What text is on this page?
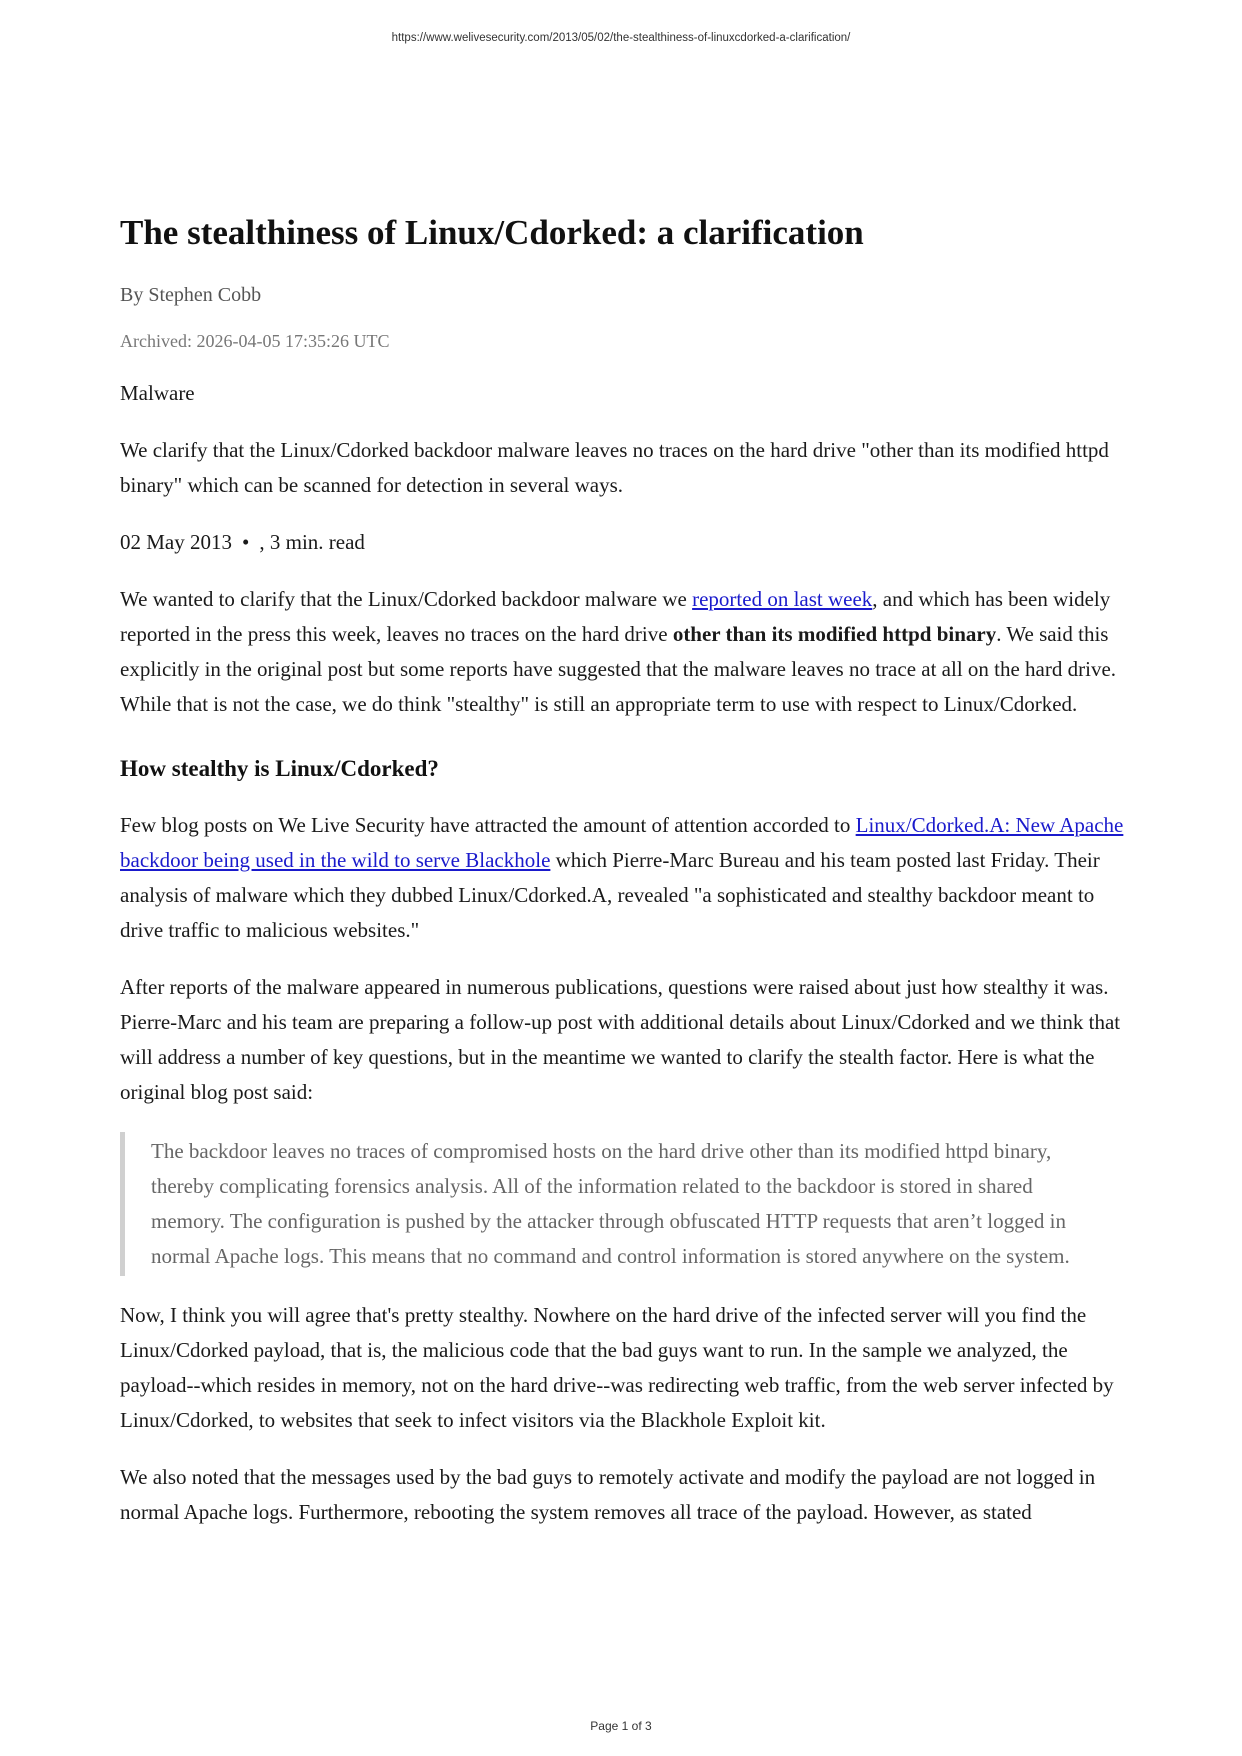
https://www.welivesecurity.com/2013/05/02/the-stealthiness-of-linuxcdorked-a-clarification/
The stealthiness of Linux/Cdorked: a clarification
By Stephen Cobb
Archived: 2026-04-05 17:35:26 UTC

Malware

We clarify that the Linux/Cdorked backdoor malware leaves no traces on the hard drive "other than its modified httpd binary" which can be scanned for detection in several ways.

02 May 2013 • , 3 min. read

We wanted to clarify that the Linux/Cdorked backdoor malware we reported on last week, and which has been widely reported in the press this week, leaves no traces on the hard drive other than its modified httpd binary. We said this explicitly in the original post but some reports have suggested that the malware leaves no trace at all on the hard drive. While that is not the case, we do think "stealthy" is still an appropriate term to use with respect to Linux/Cdorked.

How stealthy is Linux/Cdorked?

Few blog posts on We Live Security have attracted the amount of attention accorded to Linux/Cdorked.A: New Apache backdoor being used in the wild to serve Blackhole which Pierre-Marc Bureau and his team posted last Friday. Their analysis of malware which they dubbed Linux/Cdorked.A, revealed "a sophisticated and stealthy backdoor meant to drive traffic to malicious websites."

After reports of the malware appeared in numerous publications, questions were raised about just how stealthy it was. Pierre-Marc and his team are preparing a follow-up post with additional details about Linux/Cdorked and we think that will address a number of key questions, but in the meantime we wanted to clarify the stealth factor. Here is what the original blog post said:

The backdoor leaves no traces of compromised hosts on the hard drive other than its modified httpd binary, thereby complicating forensics analysis. All of the information related to the backdoor is stored in shared memory. The configuration is pushed by the attacker through obfuscated HTTP requests that aren’t logged in normal Apache logs. This means that no command and control information is stored anywhere on the system.

Now, I think you will agree that's pretty stealthy. Nowhere on the hard drive of the infected server will you find the Linux/Cdorked payload, that is, the malicious code that the bad guys want to run. In the sample we analyzed, the payload--which resides in memory, not on the hard drive--was redirecting web traffic, from the web server infected by Linux/Cdorked, to websites that seek to infect visitors via the Blackhole Exploit kit.

We also noted that the messages used by the bad guys to remotely activate and modify the payload are not logged in normal Apache logs. Furthermore, rebooting the system removes all trace of the payload. However, as stated

Page 1 of 3
